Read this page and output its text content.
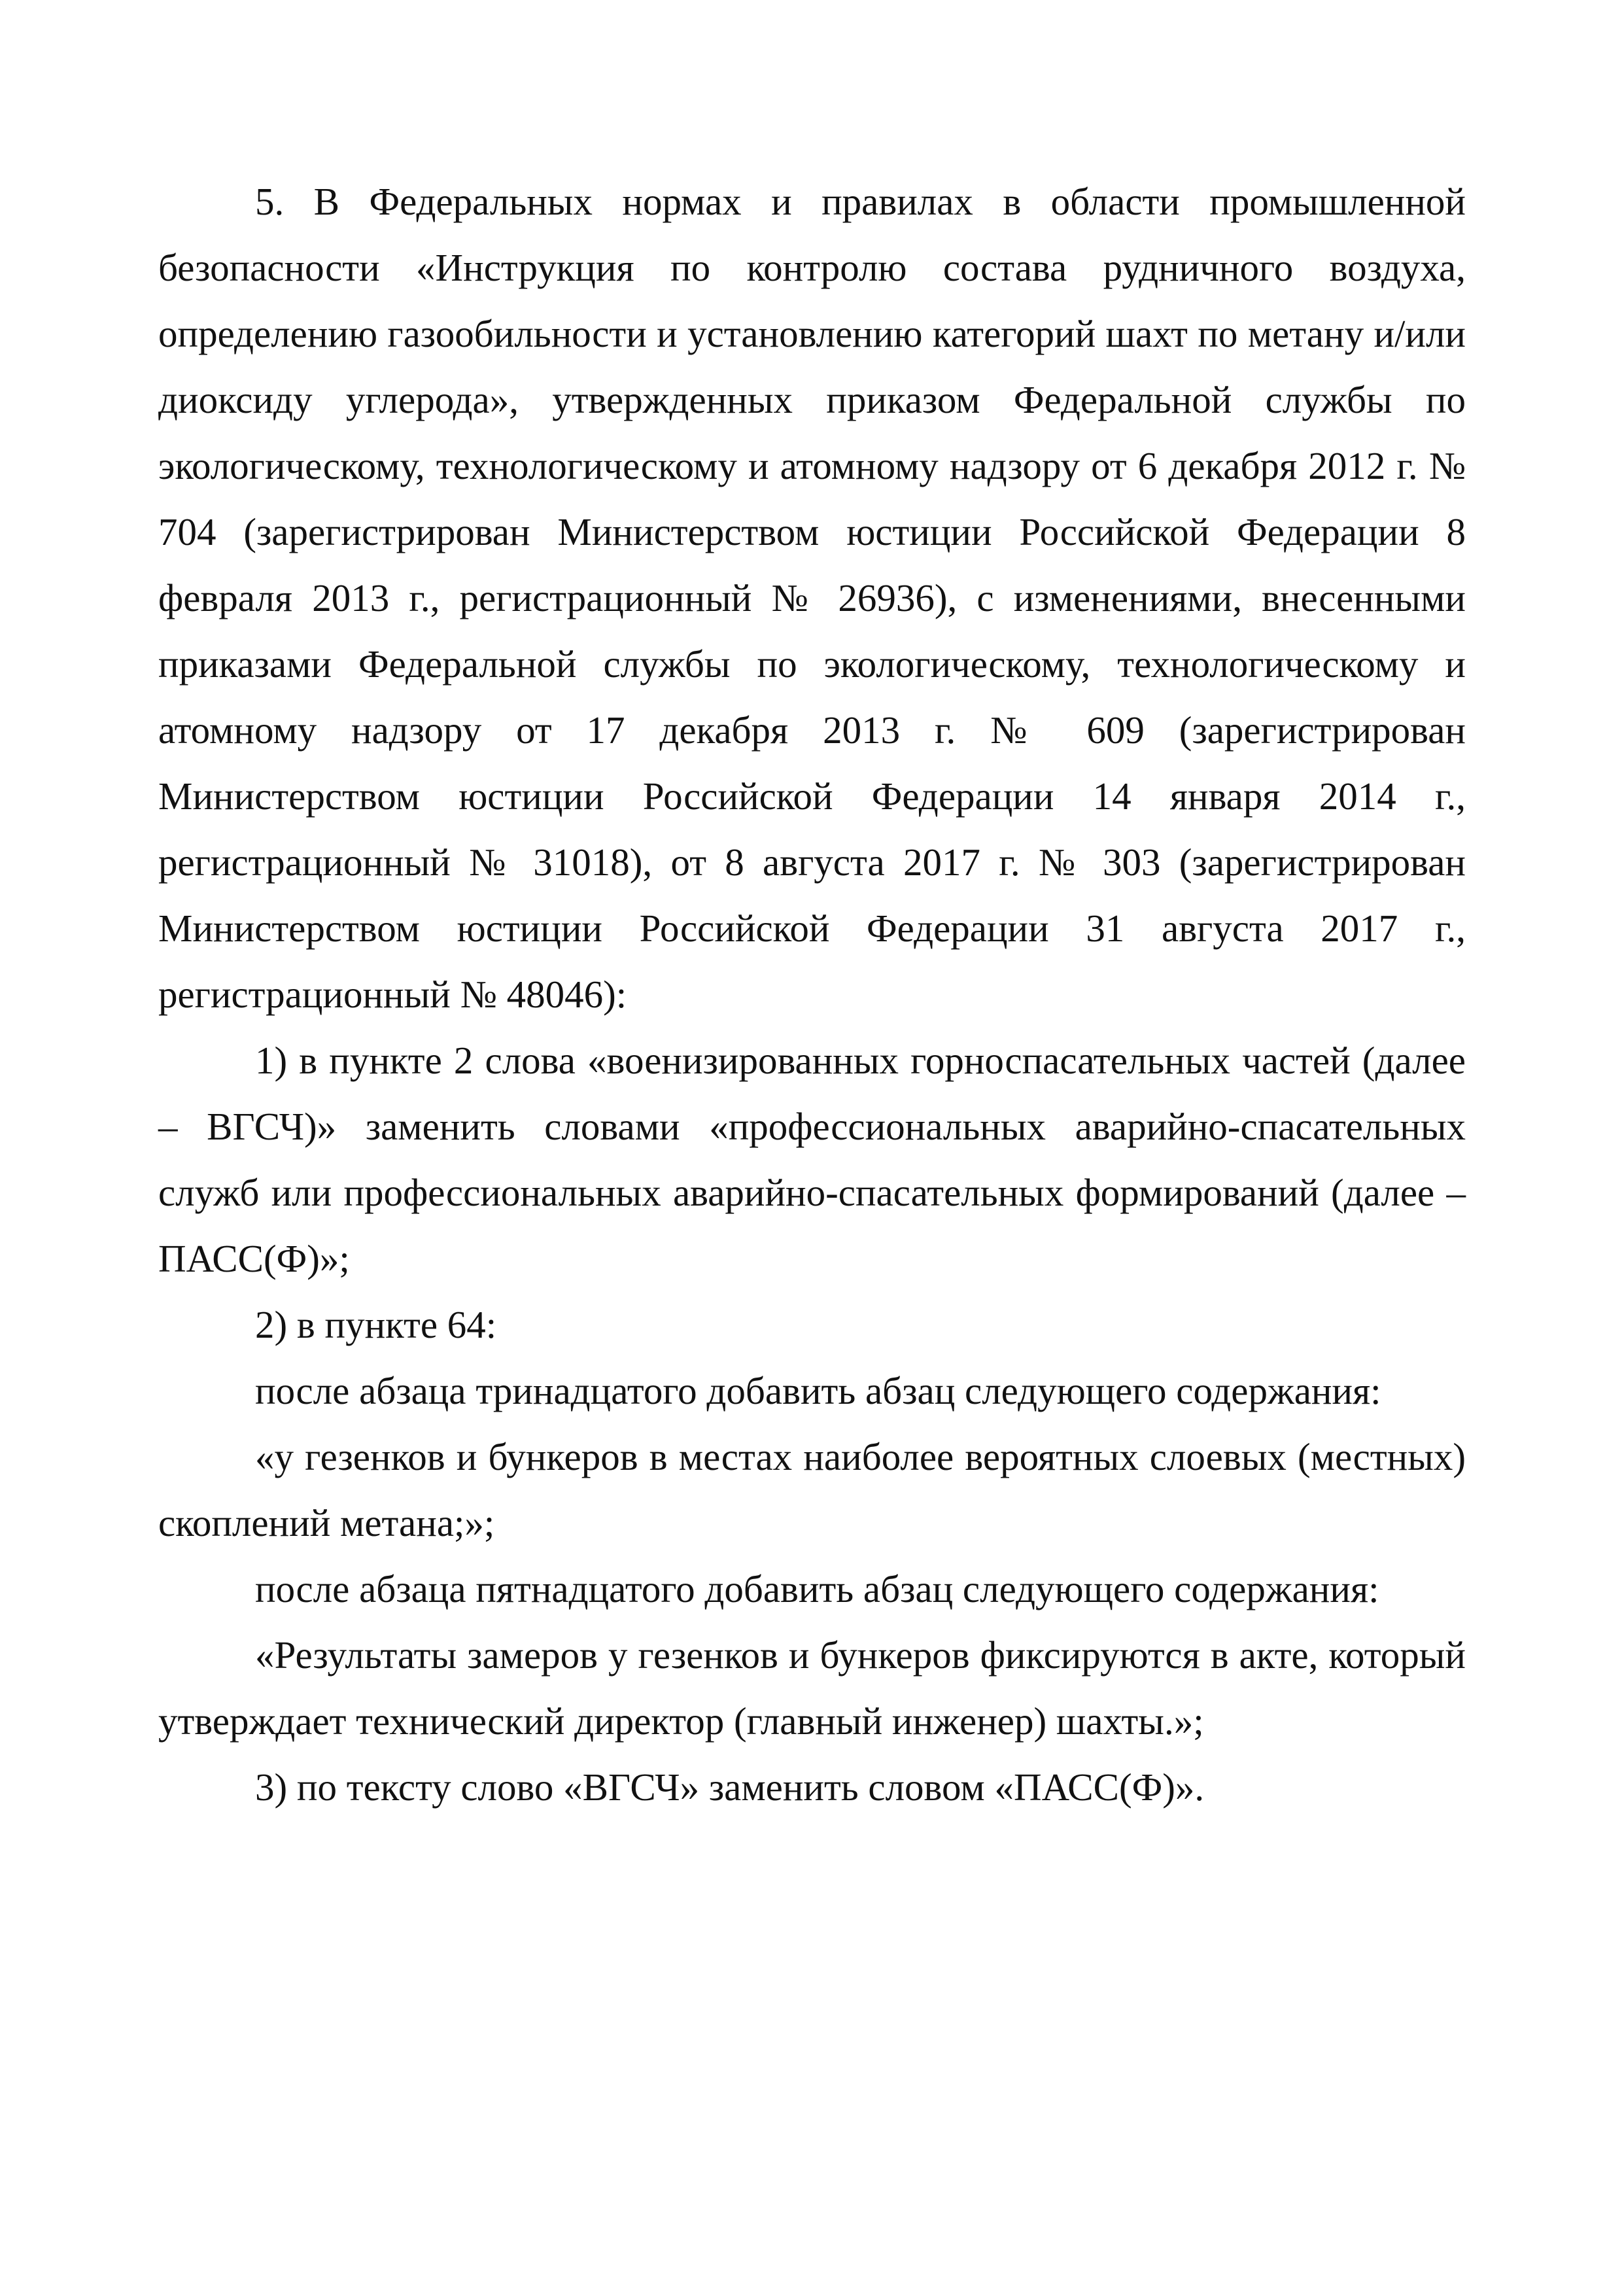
5. В Федеральных нормах и правилах в области промышленной безопасности «Инструкция по контролю состава рудничного воздуха, определению газообильности и установлению категорий шахт по метану и/или диоксиду углерода», утвержденных приказом Федеральной службы по экологическому, технологическому и атомному надзору от 6 декабря 2012 г. № 704 (зарегистрирован Министерством юстиции Российской Федерации 8 февраля 2013 г., регистрационный № 26936), с изменениями, внесенными приказами Федеральной службы по экологическому, технологическому и атомному надзору от 17 декабря 2013 г. № 609 (зарегистрирован Министерством юстиции Российской Федерации 14 января 2014 г., регистрационный № 31018), от 8 августа 2017 г. № 303 (зарегистрирован Министерством юстиции Российской Федерации 31 августа 2017 г., регистрационный № 48046):

1) в пункте 2 слова «военизированных горноспасательных частей (далее – ВГСЧ)» заменить словами «профессиональных аварийно-спасательных служб или профессиональных аварийно-спасательных формирований (далее – ПАСС(Ф)»;

2) в пункте 64:

после абзаца тринадцатого добавить абзац следующего содержания:

«у гезенков и бункеров в местах наиболее вероятных слоевых (местных) скоплений метана;»;

после абзаца пятнадцатого добавить абзац следующего содержания:

«Результаты замеров у гезенков и бункеров фиксируются в акте, который утверждает технический директор (главный инженер) шахты.»;

3) по тексту слово «ВГСЧ» заменить словом «ПАСС(Ф)».
